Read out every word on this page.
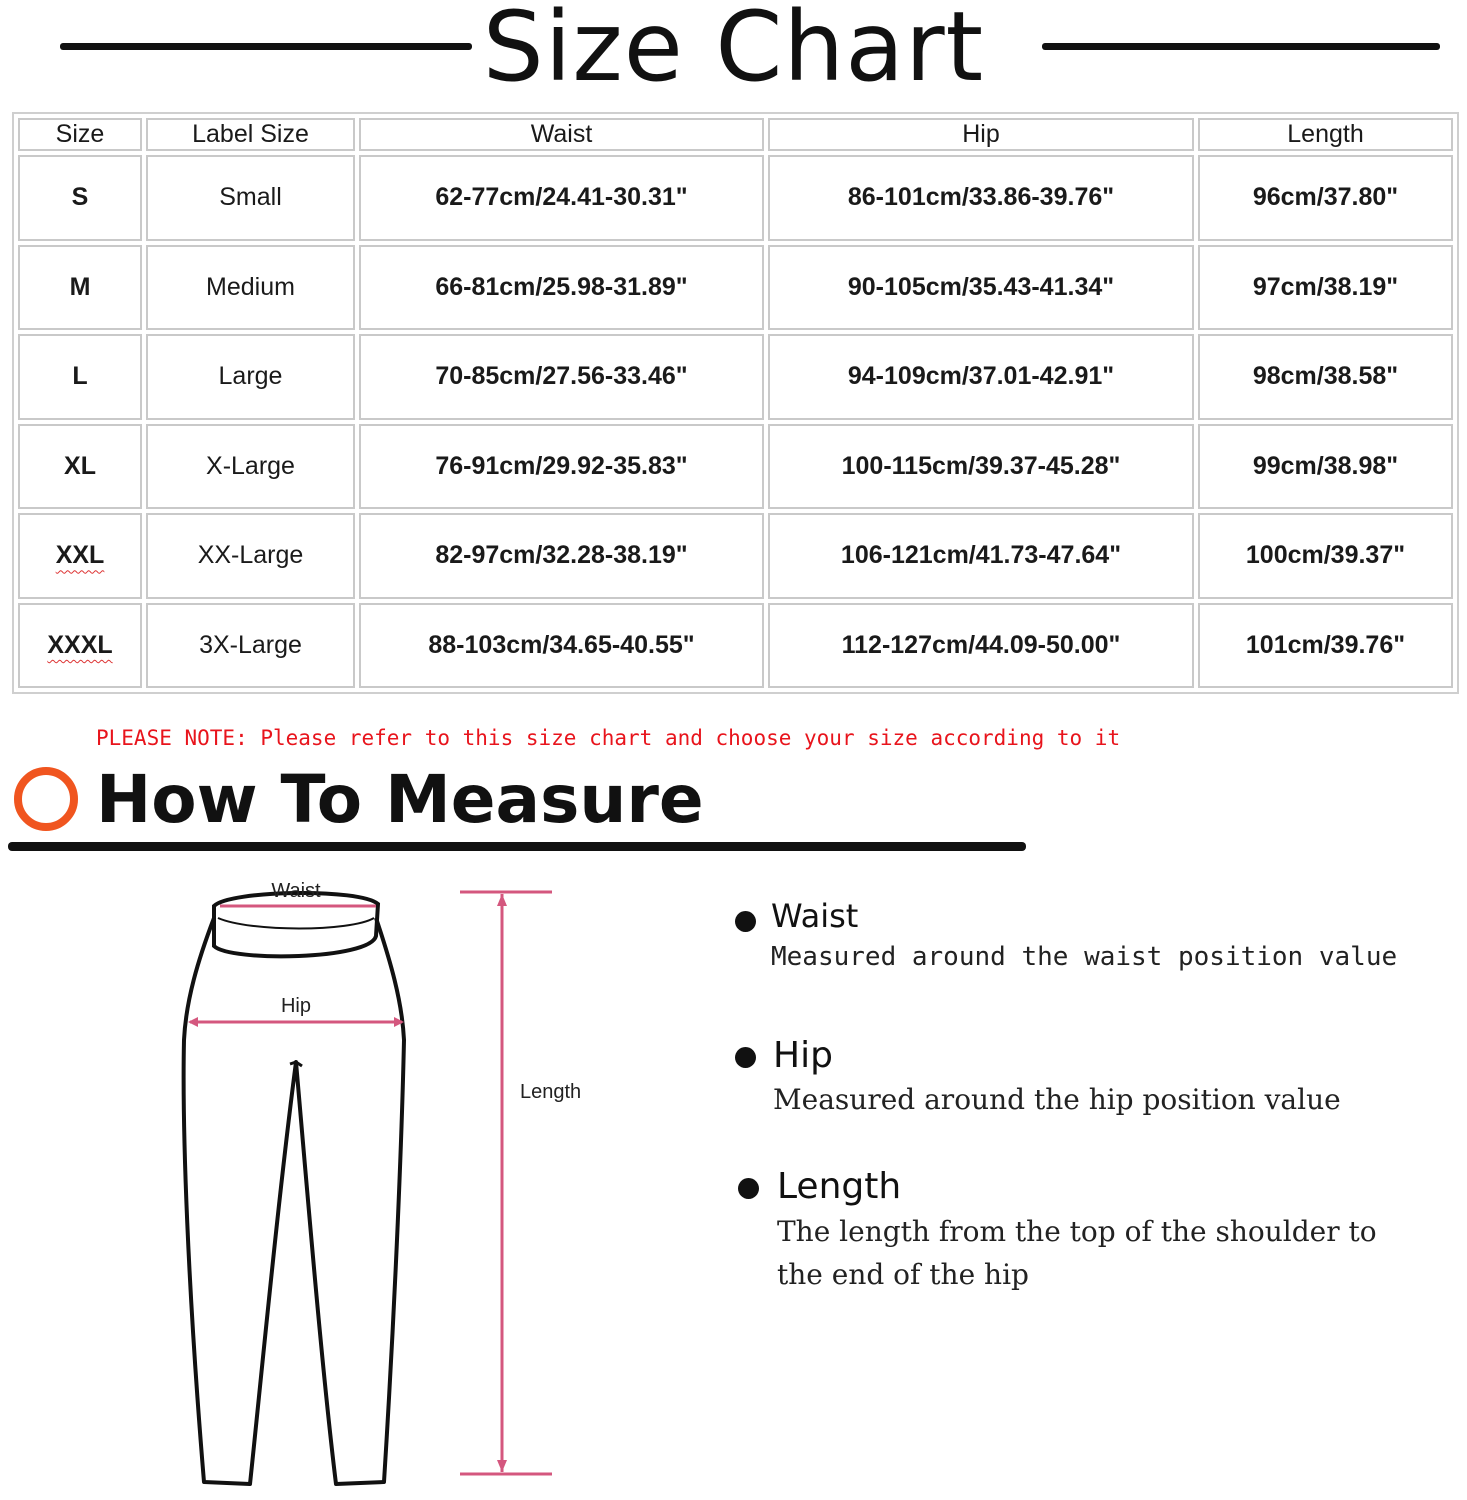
Size Chart
Size	Label Size	Waist	Hip	Length
S	Small	62-77cm/24.41-30.31"	86-101cm/33.86-39.76"	96cm/37.80"
M	Medium	66-81cm/25.98-31.89"	90-105cm/35.43-41.34"	97cm/38.19"
L	Large	70-85cm/27.56-33.46"	94-109cm/37.01-42.91"	98cm/38.58"
XL	X-Large	76-91cm/29.92-35.83"	100-115cm/39.37-45.28"	99cm/38.98"
XXL	XX-Large	82-97cm/32.28-38.19"	106-121cm/41.73-47.64"	100cm/39.37"
XXXL	3X-Large	88-103cm/34.65-40.55"	112-127cm/44.09-50.00"	101cm/39.76"
PLEASE NOTE: Please refer to this size chart and choose your size according to it
How To Measure
Waist
Hip
Length
Waist
Measured around the waist position value
Hip
Measured around the hip position value
Length
The length from the top of the shoulder to the end of the hip
